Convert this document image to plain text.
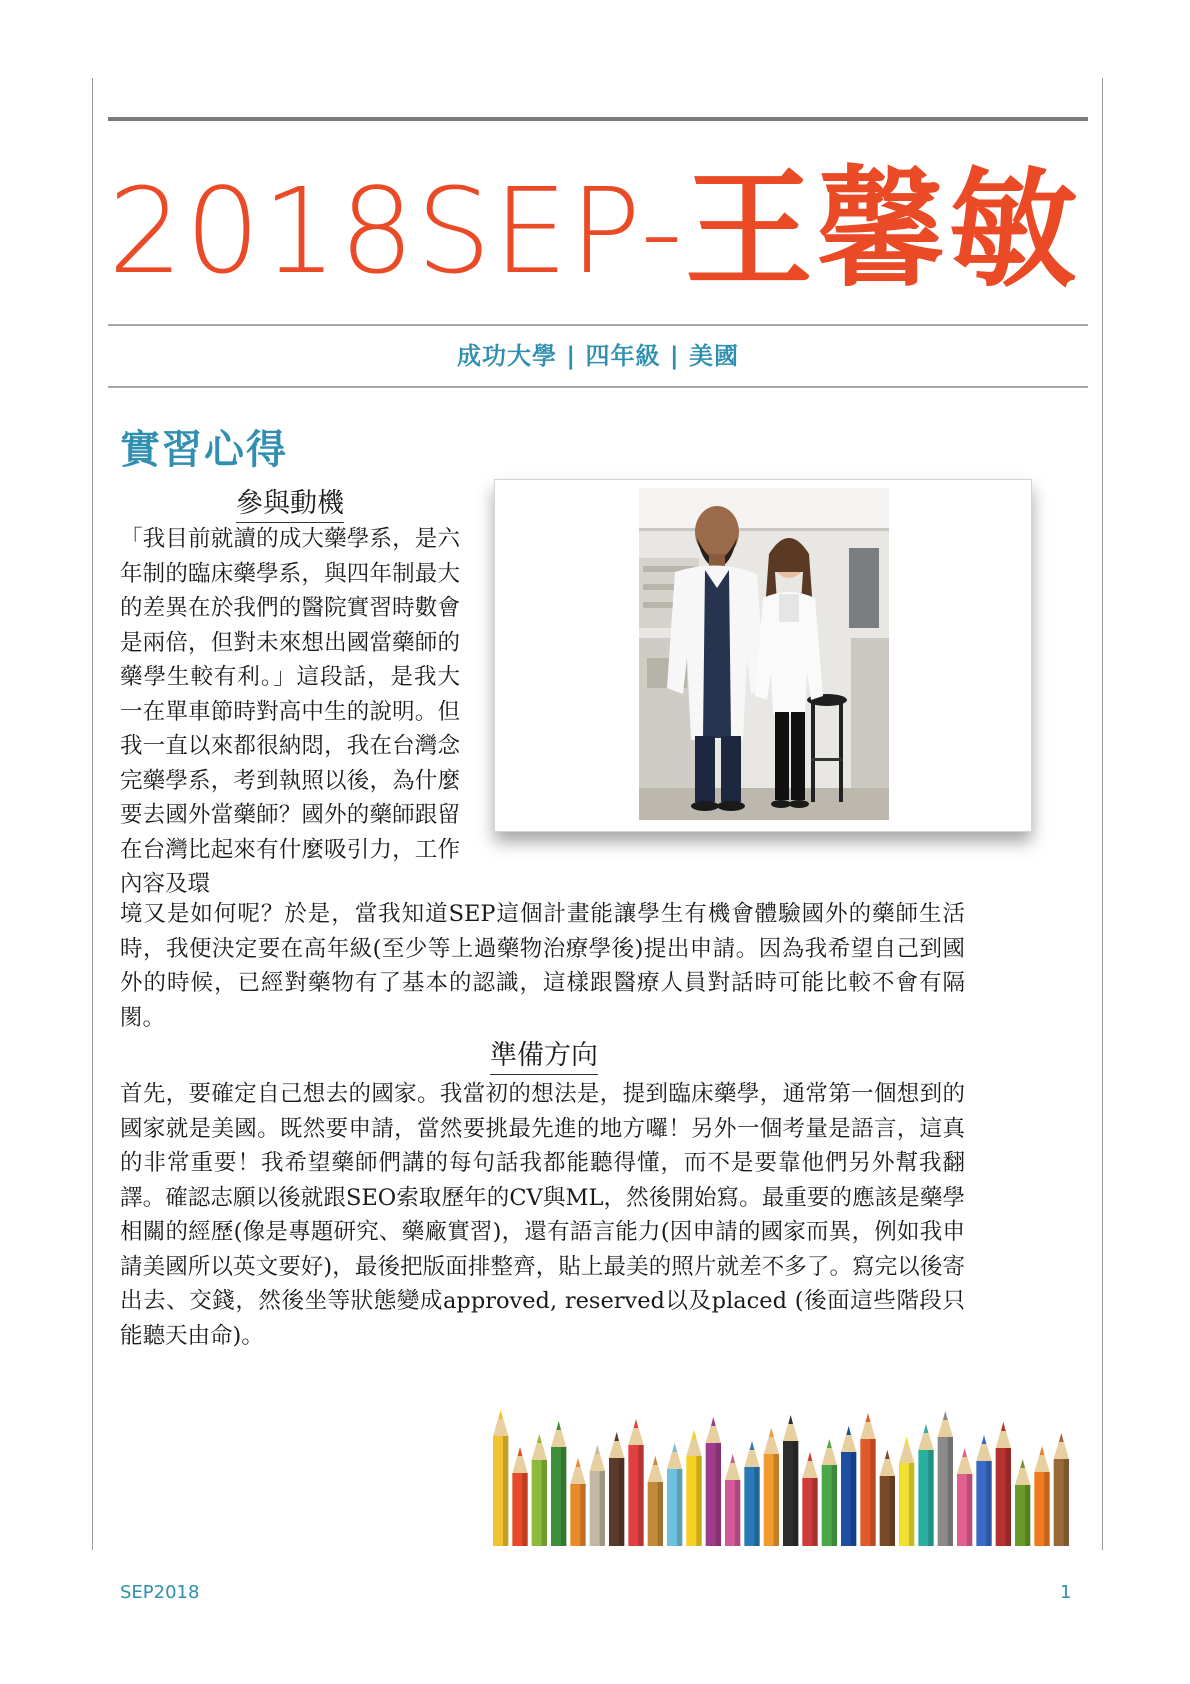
2018SEP-王馨敏
成功大學 | 四年級 | 美國
實習心得
參與動機
「我目前就讀的成大藥學系，是六年制的臨床藥學系，與四年制最大的差異在於我們的醫院實習時數會是兩倍，但對未來想出國當藥師的藥學生較有利。」這段話，是我大一在單車節時對高中生的說明。但我一直以來都很納悶，我在台灣念完藥學系，考到執照以後，為什麼要去國外當藥師？國外的藥師跟留在台灣比起來有什麼吸引力，工作內容及環
境又是如何呢？於是，當我知道SEP這個計畫能讓學生有機會體驗國外的藥師生活時，我便決定要在高年級(至少等上過藥物治療學後)提出申請。因為我希望自己到國外的時候，已經對藥物有了基本的認識，這樣跟醫療人員對話時可能比較不會有隔閡。
準備方向
首先，要確定自己想去的國家。我當初的想法是，提到臨床藥學，通常第一個想到的國家就是美國。既然要申請，當然要挑最先進的地方囉！另外一個考量是語言，這真的非常重要！我希望藥師們講的每句話我都能聽得懂，而不是要靠他們另外幫我翻譯。確認志願以後就跟SEO索取歷年的CV與ML，然後開始寫。最重要的應該是藥學相關的經歷(像是專題研究、藥廠實習)，還有語言能力(因申請的國家而異，例如我申請美國所以英文要好)，最後把版面排整齊，貼上最美的照片就差不多了。寫完以後寄出去、交錢，然後坐等狀態變成approved, reserved以及placed (後面這些階段只能聽天由命)。
SEP2018	1
